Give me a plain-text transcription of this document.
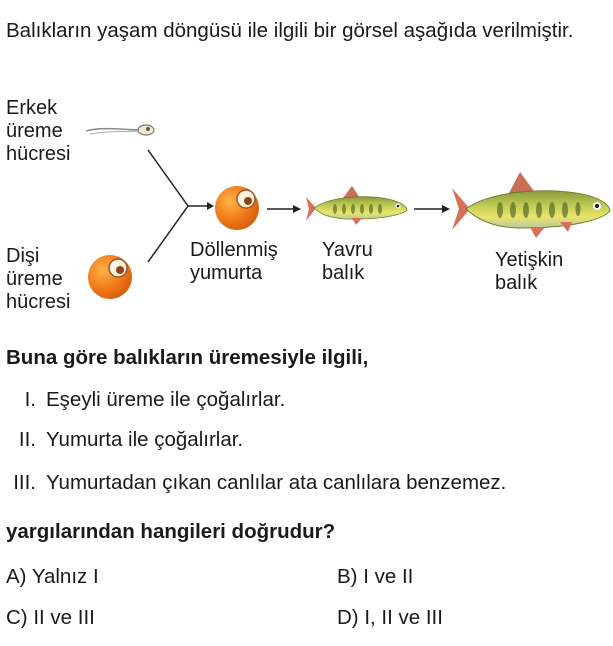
Balıkların yaşam döngüsü ile ilgili bir görsel aşağıda verilmiştir.
Erkek
üreme
hücresi
Dişi
üreme
hücresi
Döllenmiş
yumurta
Yavru
balık
Yetişkin
balık
Buna göre balıkların üremesiyle ilgili,
I. Eşeyli üreme ile çoğalırlar.
II. Yumurta ile çoğalırlar.
III. Yumurtadan çıkan canlılar ata canlılara benzemez.
yargılarından hangileri doğrudur?
A) Yalnız I	B) I ve II
C) II ve III	D) I, II ve III
